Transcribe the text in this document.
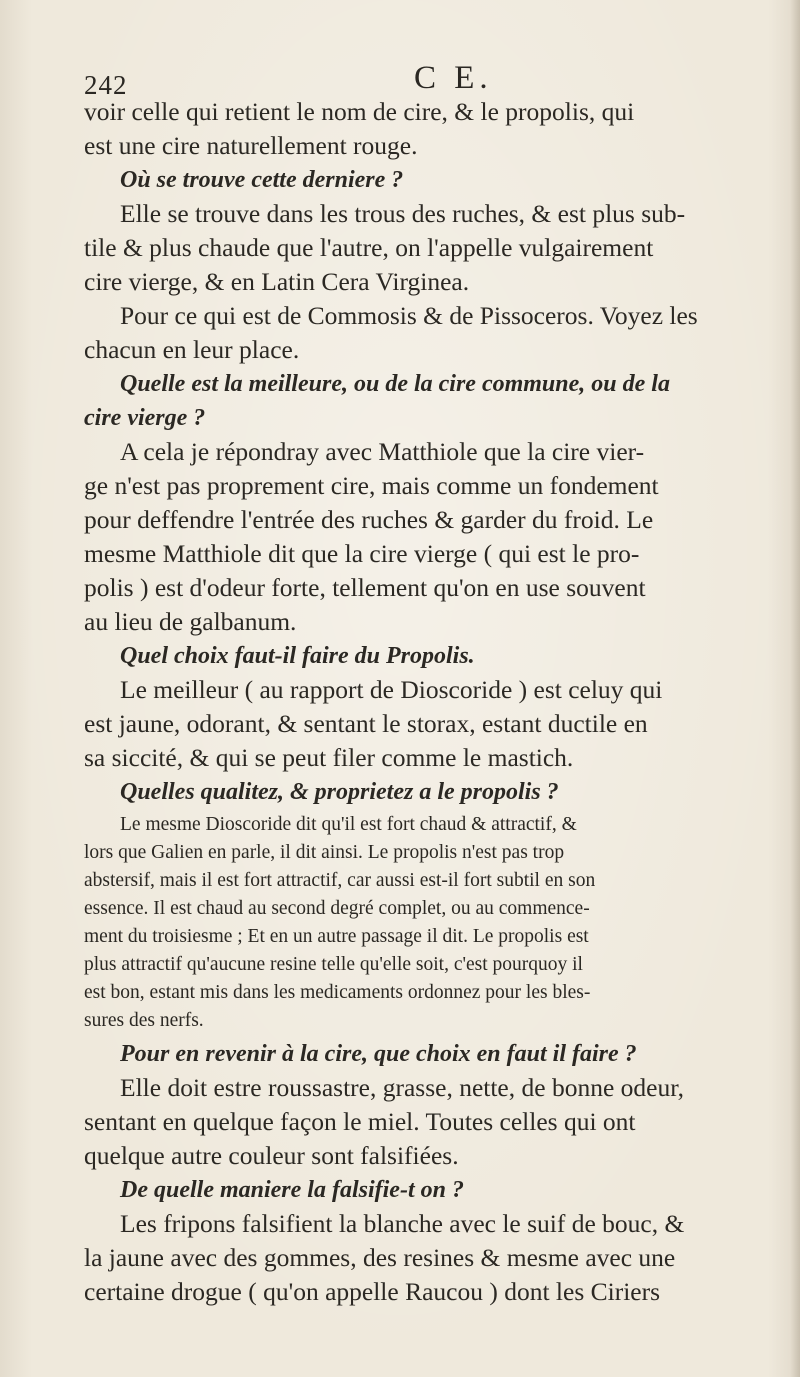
242	C E.
voir celle qui retient le nom de cire, & le propolis, qui
est une cire naturellement rouge.
Où se trouve cette derniere ?
Elle se trouve dans les trous des ruches, & est plus sub-
tile & plus chaude que l'autre, on l'appelle vulgairement
cire vierge, & en Latin Cera Virginea.
Pour ce qui est de Commosis & de Pissoceros. Voyez les
chacun en leur place.
Quelle est la meilleure, ou de la cire commune, ou de la
cire vierge ?
A cela je répondray avec Matthiole que la cire vier-
ge n'est pas proprement cire, mais comme un fondement
pour deffendre l'entrée des ruches & garder du froid. Le
mesme Matthiole dit que la cire vierge ( qui est le pro-
polis ) est d'odeur forte, tellement qu'on en use souvent
au lieu de galbanum.
Quel choix faut-il faire du Propolis.
Le meilleur ( au rapport de Dioscoride ) est celuy qui
est jaune, odorant, & sentant le storax, estant ductile en
sa siccité, & qui se peut filer comme le mastich.
Quelles qualitez, & proprietez a le propolis ?
Le mesme Dioscoride dit qu'il est fort chaud & attractif, &
lors que Galien en parle, il dit ainsi. Le propolis n'est pas trop
abstersif, mais il est fort attractif, car aussi est-il fort subtil en son
essence. Il est chaud au second degré complet, ou au commence-
ment du troisiesme ; Et en un autre passage il dit. Le propolis est
plus attractif qu'aucune resine telle qu'elle soit, c'est pourquoy il
est bon, estant mis dans les medicaments ordonnez pour les bles-
sures des nerfs.
Pour en revenir à la cire, que choix en faut il faire ?
Elle doit estre roussastre, grasse, nette, de bonne odeur,
sentant en quelque façon le miel. Toutes celles qui ont
quelque autre couleur sont falsifiées.
De quelle maniere la falsifie-t on ?
Les fripons falsifient la blanche avec le suif de bouc, &
la jaune avec des gommes, des resines & mesme avec une
certaine drogue ( qu'on appelle Raucou ) dont les Ciriers
